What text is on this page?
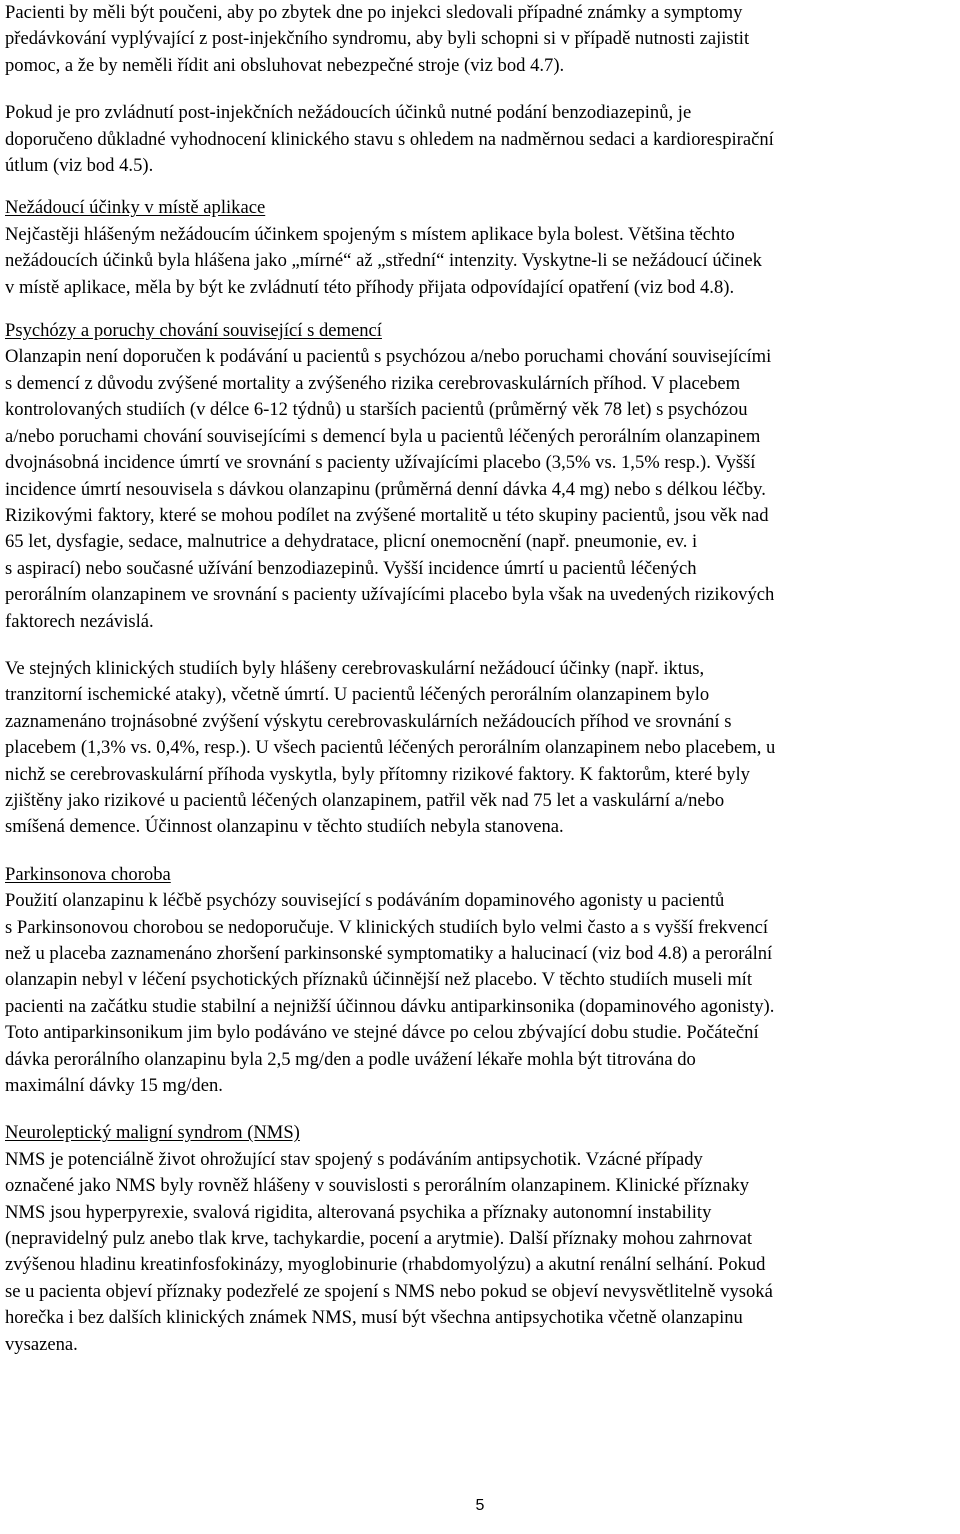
Pacienti by měli být poučeni, aby po zbytek dne po injekci sledovali případné známky a symptomy
předávkování vyplývající z post-injekčního syndromu, aby byli schopni si v případě nutnosti zajistit
pomoc, a že by neměli řídit ani obsluhovat nebezpečné stroje (viz bod 4.7).

Pokud je pro zvládnutí post-injekčních nežádoucích účinků nutné podání benzodiazepinů, je
doporučeno důkladné vyhodnocení klinického stavu s ohledem na nadměrnou sedaci a kardiorespirační
útlum (viz bod 4.5).

Nežádoucí účinky v místě aplikace
Nejčastěji hlášeným nežádoucím účinkem spojeným s místem aplikace byla bolest. Většina těchto
nežádoucích účinků byla hlášena jako „mírné“ až „střední“ intenzity. Vyskytne-li se nežádoucí účinek
v místě aplikace, měla by být ke zvládnutí této příhody přijata odpovídající opatření (viz bod 4.8).

Psychózy a poruchy chování související s demencí
Olanzapin není doporučen k podávání u pacientů s psychózou a/nebo poruchami chování souvisejícími
s demencí z důvodu zvýšené mortality a zvýšeného rizika cerebrovaskulárních příhod. V placebem
kontrolovaných studiích (v délce 6-12 týdnů) u starších pacientů (průměrný věk 78 let) s psychózou
a/nebo poruchami chování souvisejícími s demencí byla u pacientů léčených perorálním olanzapinem
dvojnásobná incidence úmrtí ve srovnání s pacienty užívajícími placebo (3,5% vs. 1,5% resp.). Vyšší
incidence úmrtí nesouvisela s dávkou olanzapinu (průměrná denní dávka 4,4 mg) nebo s délkou léčby.
Rizikovými faktory, které se mohou podílet na zvýšené mortalitě u této skupiny pacientů, jsou věk nad
65 let, dysfagie, sedace, malnutrice a dehydratace, plicní onemocnění (např. pneumonie, ev. i
s aspirací) nebo současné užívání benzodiazepinů. Vyšší incidence úmrtí u pacientů léčených
perorálním olanzapinem ve srovnání s pacienty užívajícími placebo byla však na uvedených rizikových
faktorech nezávislá.

Ve stejných klinických studiích byly hlášeny cerebrovaskulární nežádoucí účinky (např. iktus,
tranzitorní ischemické ataky), včetně úmrtí. U pacientů léčených perorálním olanzapinem bylo
zaznamenáno trojnásobné zvýšení výskytu cerebrovaskulárních nežádoucích příhod ve srovnání s
placebem (1,3% vs. 0,4%, resp.). U všech pacientů léčených perorálním olanzapinem nebo placebem, u
nichž se cerebrovaskulární příhoda vyskytla, byly přítomny rizikové faktory. K faktorům, které byly
zjištěny jako rizikové u pacientů léčených olanzapinem, patřil věk nad 75 let a vaskulární a/nebo
smíšená demence. Účinnost olanzapinu v těchto studiích nebyla stanovena.

Parkinsonova choroba
Použití olanzapinu k léčbě psychózy související s podáváním dopaminového agonisty u pacientů
s Parkinsonovou chorobou se nedoporučuje. V klinických studiích bylo velmi často a s vyšší frekvencí
než u placeba zaznamenáno zhoršení parkinsonské symptomatiky a halucinací (viz bod 4.8) a perorální
olanzapin nebyl v léčení psychotických příznaků účinnější než placebo. V těchto studiích museli mít
pacienti na začátku studie stabilní a nejnižší účinnou dávku antiparkinsonika (dopaminového agonisty).
Toto antiparkinsonikum jim bylo podáváno ve stejné dávce po celou zbývající dobu studie. Počáteční
dávka perorálního olanzapinu byla 2,5 mg/den a podle uvážení lékaře mohla být titrována do
maximální dávky 15 mg/den.

Neuroleptický maligní syndrom (NMS)
NMS je potenciálně život ohrožující stav spojený s podáváním antipsychotik. Vzácné případy
označené jako NMS byly rovněž hlášeny v souvislosti s perorálním olanzapinem. Klinické příznaky
NMS jsou hyperpyrexie, svalová rigidita, alterovaná psychika a příznaky autonomní instability
(nepravidelný pulz anebo tlak krve, tachykardie, pocení a arytmie). Další příznaky mohou zahrnovat
zvýšenou hladinu kreatinfosfokinázy, myoglobinurie (rhabdomyolýzu) a akutní renální selhání. Pokud
se u pacienta objeví příznaky podezřelé ze spojení s NMS nebo pokud se objeví nevysvětlitelně vysoká
horečka i bez dalších klinických známek NMS, musí být všechna antipsychotika včetně olanzapinu
vysazena.

5
